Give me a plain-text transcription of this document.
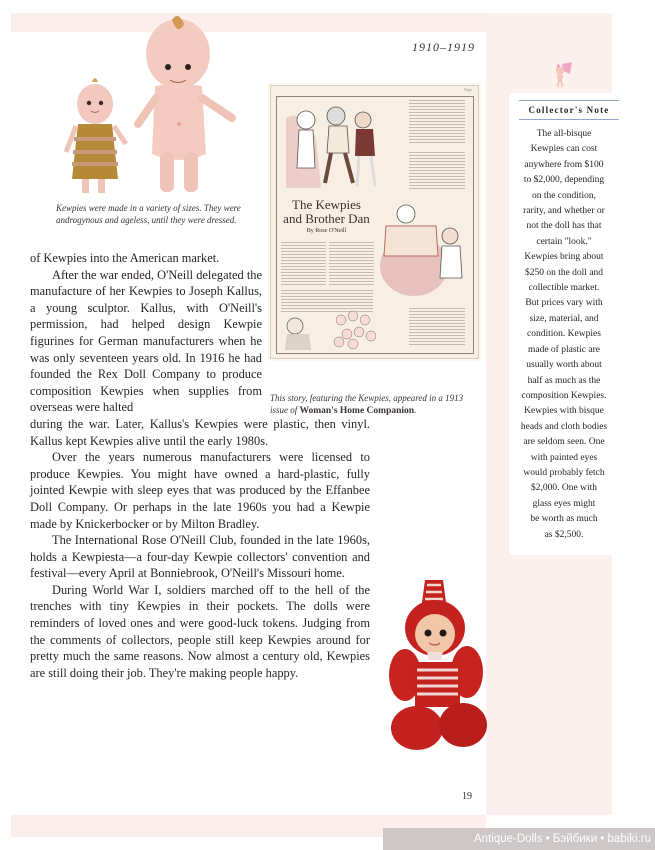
1910–1919
Kewpies were made in a variety of sizes. They were androgynous and ageless, until they were dressed.
Page
The Kewpies
and Brother Dan
By Rose O'Neill
This story, featuring the Kewpies, appeared in a 1913 issue of Woman's Home Companion.
Collector's Note
The all-bisque
Kewpies can cost
anywhere from $100
to $2,000, depending
on the condition,
rarity, and whether or
not the doll has that
certain "look."
Kewpies bring about
$250 on the doll and
collectible market.
But prices vary with
size, material, and
condition. Kewpies
made of plastic are
usually worth about
half as much as the
composition Kewpies.
Kewpies with bisque
heads and cloth bodies
are seldom seen. One
with painted eyes
would probably fetch
$2,000. One with
glass eyes might
be worth as much
as $2,500.

of Kewpies into the American market.

After the war ended, O'Neill delegated the manufacture of her Kewpies to Joseph Kallus, a young sculptor. Kallus, with O'Neill's permission, had helped design Kewpie figurines for German manufacturers when he was only seventeen years old. In 1916 he had founded the Rex Doll Company to produce composition Kewpies when supplies from overseas were halted

during the war. Later, Kallus's Kewpies were plastic, then vinyl. Kallus kept Kewpies alive until the early 1980s.

Over the years numerous manufacturers were licensed to produce Kewpies. You might have owned a hard-plastic, fully jointed Kewpie with sleep eyes that was produced by the Effanbee Doll Company. Or perhaps in the late 1960s you had a Kewpie made by Knickerbocker or by Milton Bradley.

The International Rose O'Neill Club, founded in the late 1960s, holds a Kewpiesta—a four-day Kewpie collectors' convention and festival—every April at Bonniebrook, O'Neill's Missouri home.

During World War I, soldiers marched off to the hell of the trenches with tiny Kewpies in their pockets. The dolls were reminders of loved ones and were good-luck tokens. Judging from the comments of collectors, people still keep Kewpies around for pretty much the same reasons. Now almost a century old, Kewpies are still doing their job. They're making people happy.

19
Antique-Dolls • Бэйбики • babiki.ru
